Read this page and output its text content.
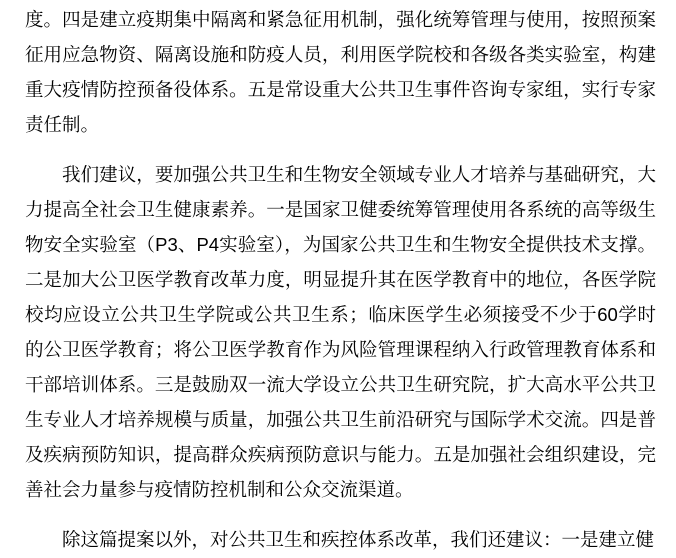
度。四是建立疫期集中隔离和紧急征用机制，强化统筹管理与使用，按照预案征用应急物资、隔离设施和防疫人员，利用医学院校和各级各类实验室，构建重大疫情防控预备役体系。五是常设重大公共卫生事件咨询专家组，实行专家责任制。

我们建议，要加强公共卫生和生物安全领域专业人才培养与基础研究，大力提高全社会卫生健康素养。一是国家卫健委统筹管理使用各系统的高等级生物安全实验室（P3、P4实验室），为国家公共卫生和生物安全提供技术支撑。二是加大公卫医学教育改革力度，明显提升其在医学教育中的地位，各医学院校均应设立公共卫生学院或公共卫生系；临床医学生必须接受不少于60学时的公卫医学教育；将公卫医学教育作为风险管理课程纳入行政管理教育体系和干部培训体系。三是鼓励双一流大学设立公共卫生研究院，扩大高水平公共卫生专业人才培养规模与质量，加强公共卫生前沿研究与国际学术交流。四是普及疾病预防知识，提高群众疾病预防意识与能力。五是加强社会组织建设，完善社会力量参与疫情防控机制和公众交流渠道。

除这篇提案以外，对公共卫生和疾控体系改革，我们还建议：一是建立健
